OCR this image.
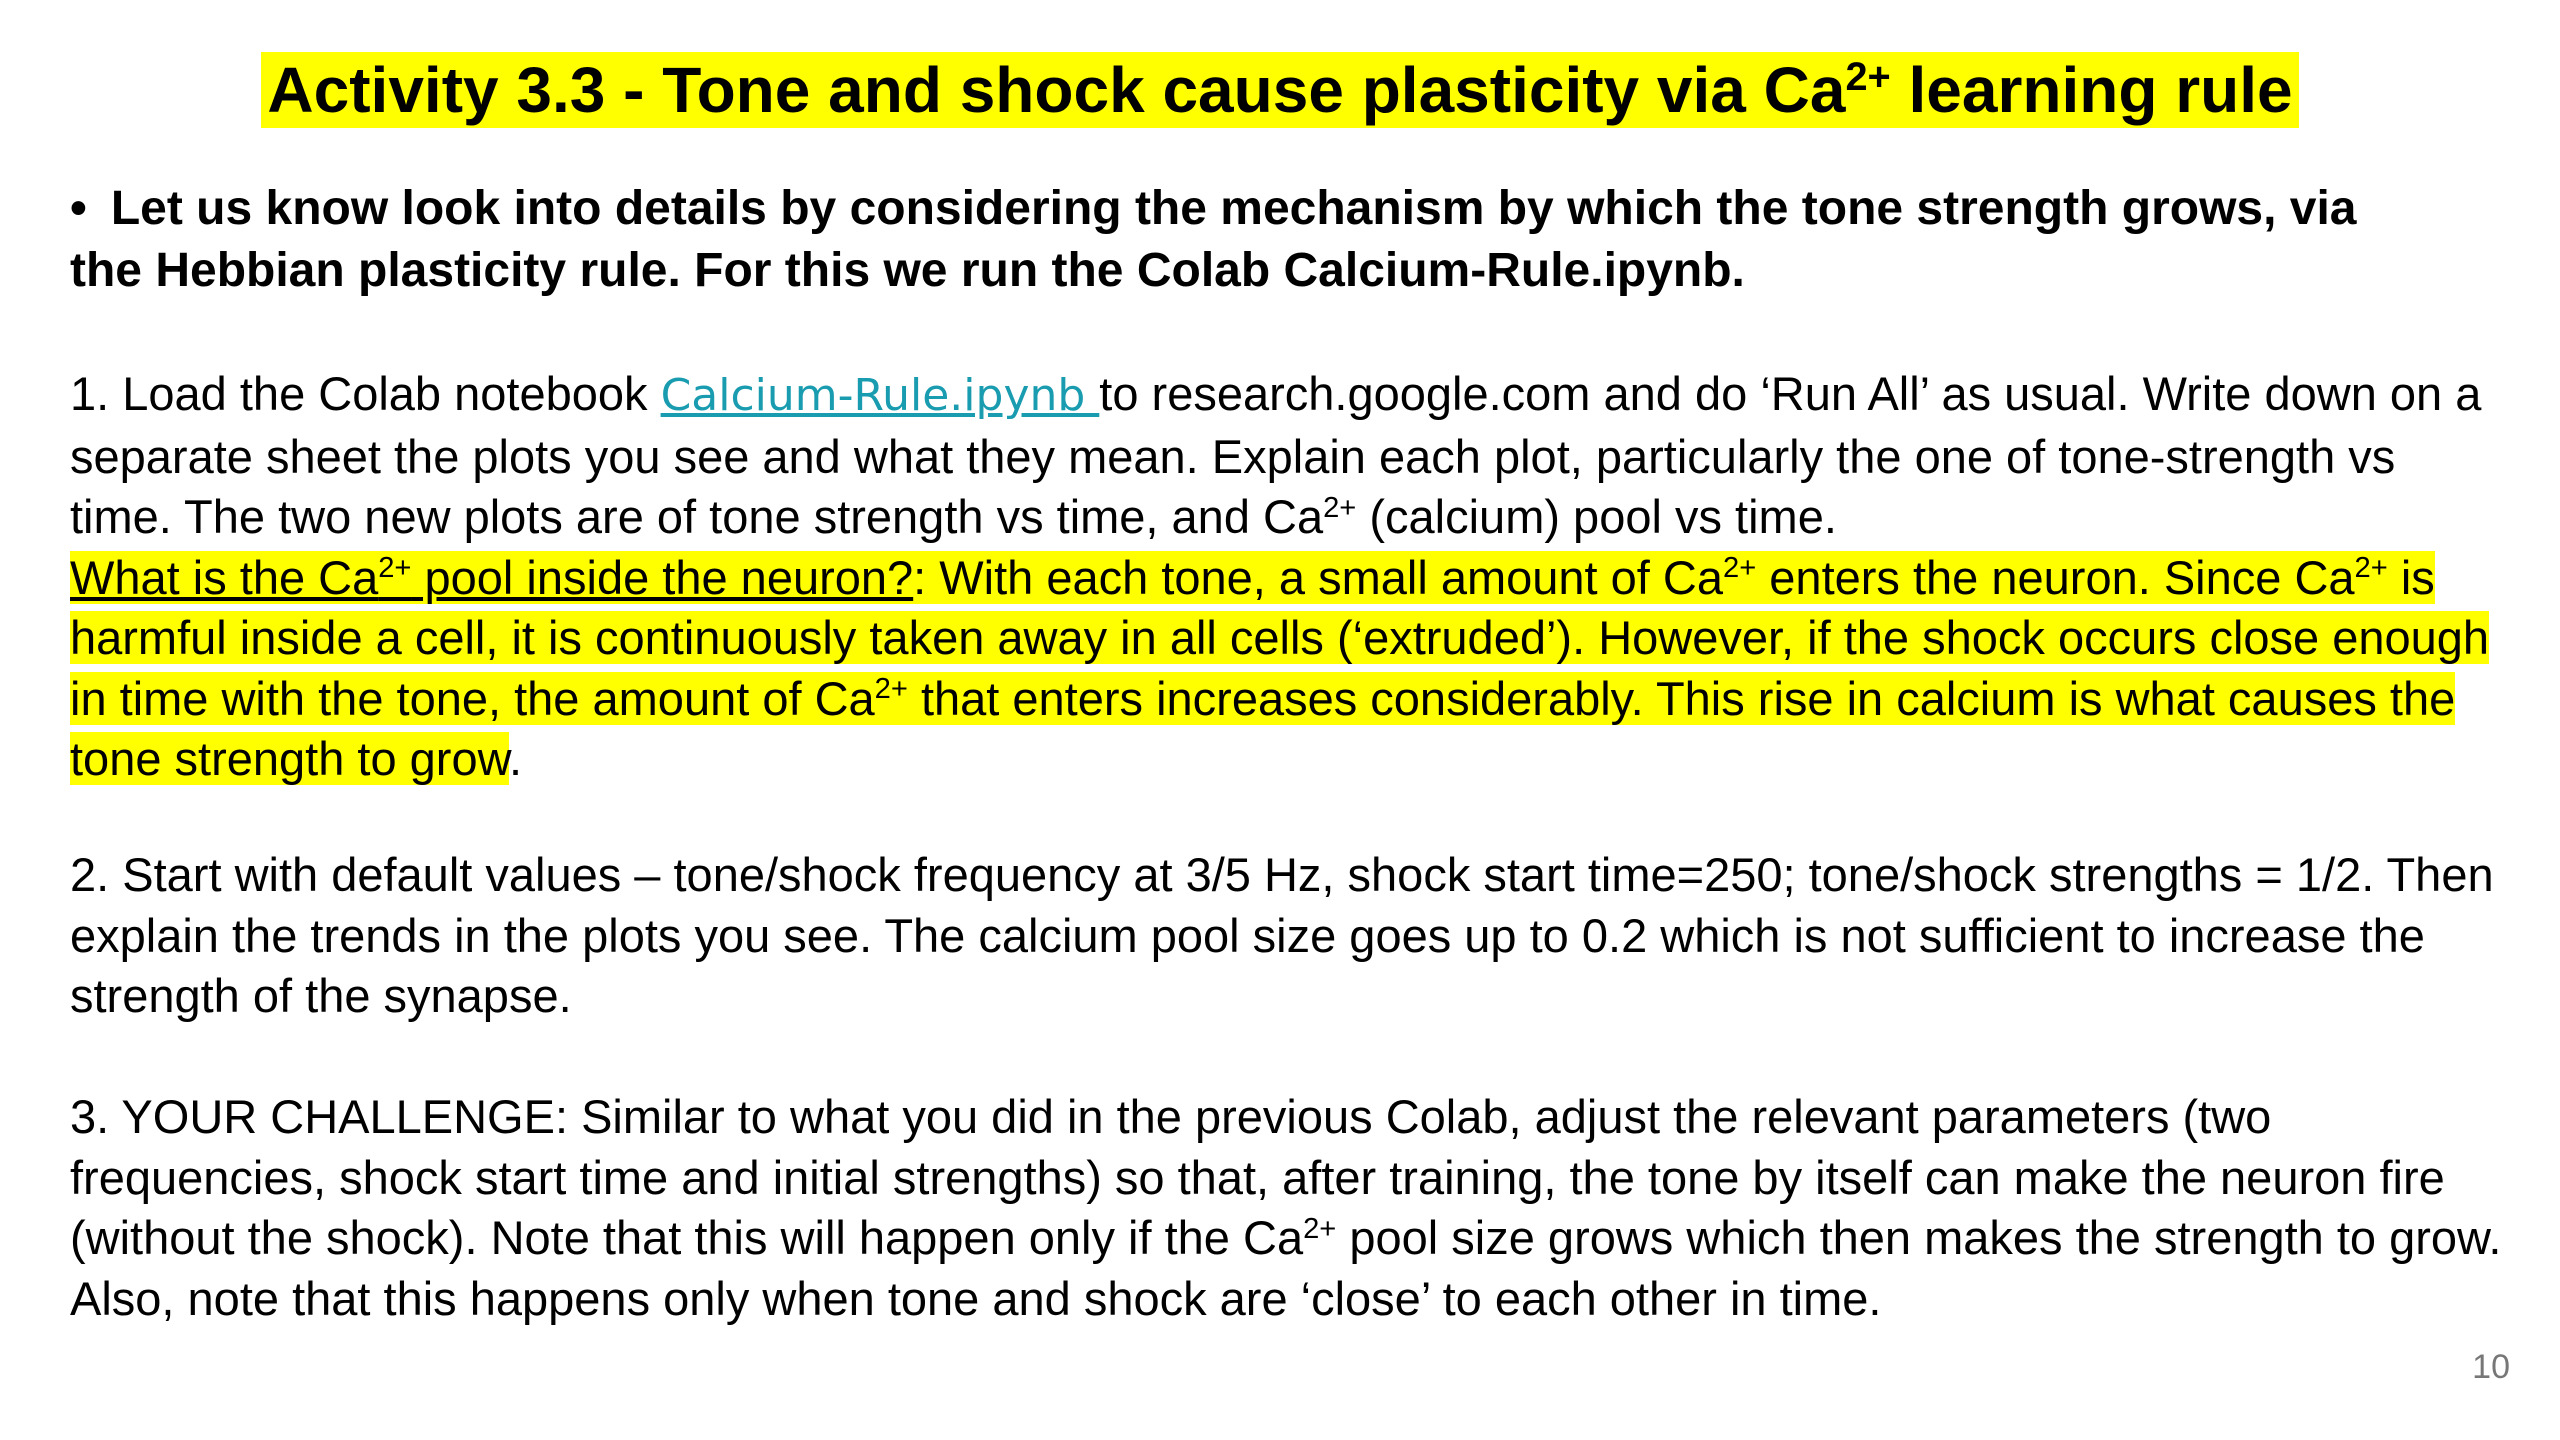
Activity 3.3 - Tone and shock cause plasticity via $Ca^{2+}$ learning rule
• Let us know look into details by considering the mechanism by which the tone strength grows, via
the Hebbian plasticity rule. For this we run the Colab Calcium-Rule.ipynb.
1. Load the Colab notebook Calcium-Rule.ipynb to research.google.com and do ‘Run All’ as usual. Write down on a separate sheet the plots you see and what they mean. Explain each plot, particularly the one of tone-strength vs time. The two new plots are of tone strength vs time, and $Ca^{2+}$ (calcium) pool vs time.
What is the $Ca^{2+}$ pool inside the neuron?: With each tone, a small amount of $Ca^{2+}$ enters the neuron. Since $Ca^{2+}$ is harmful inside a cell, it is continuously taken away in all cells (‘extruded’). However, if the shock occurs close enough in time with the tone, the amount of $Ca^{2+}$ that enters increases considerably. This rise in calcium is what causes the tone strength to grow.
2. Start with default values – tone/shock frequency at 3/5 Hz, shock start time=250; tone/shock strengths = 1/2. Then explain the trends in the plots you see. The calcium pool size goes up to 0.2 which is not sufficient to increase the strength of the synapse.
3. YOUR CHALLENGE: Similar to what you did in the previous Colab, adjust the relevant parameters (two frequencies, shock start time and initial strengths) so that, after training, the tone by itself can make the neuron fire (without the shock). Note that this will happen only if the $Ca^{2+}$ pool size grows which then makes the strength to grow. Also, note that this happens only when tone and shock are ‘close’ to each other in time.
10
